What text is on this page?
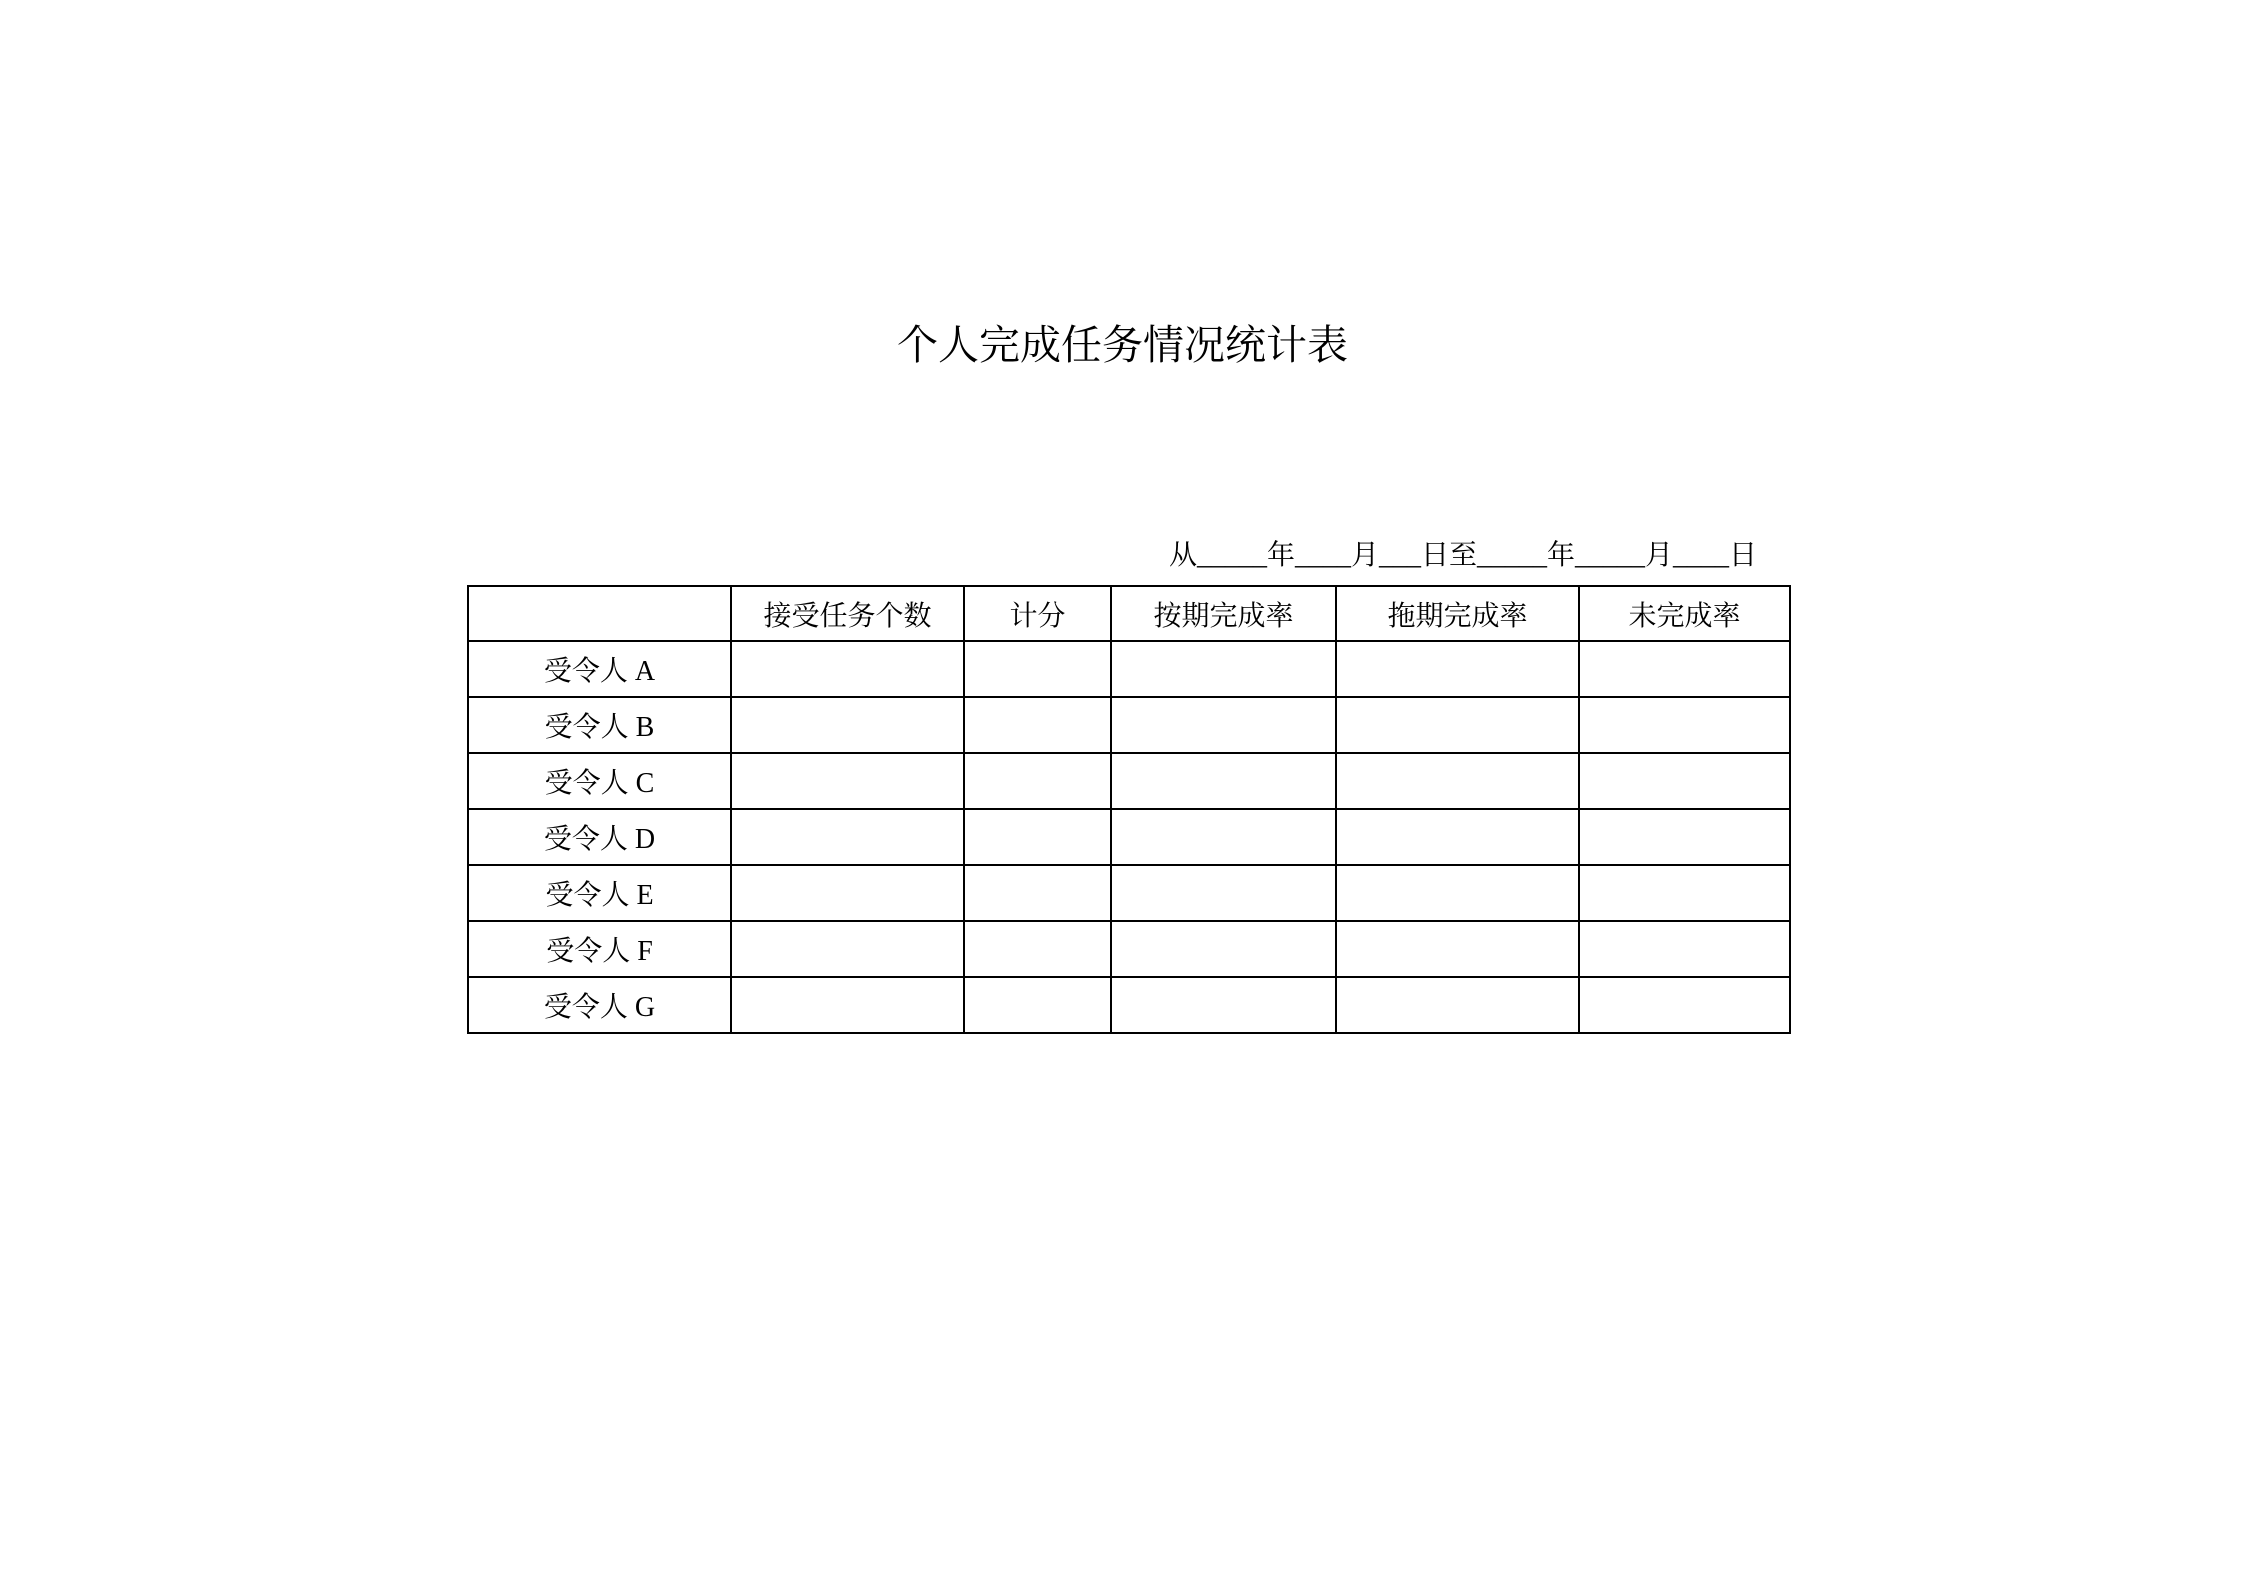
个人完成任务情况统计表
从_____年____月___日至_____年_____月____日
	接受任务个数	计分	按期完成率	拖期完成率	未完成率
受令人 A					
受令人 B					
受令人 C					
受令人 D					
受令人 E					
受令人 F					
受令人 G					
